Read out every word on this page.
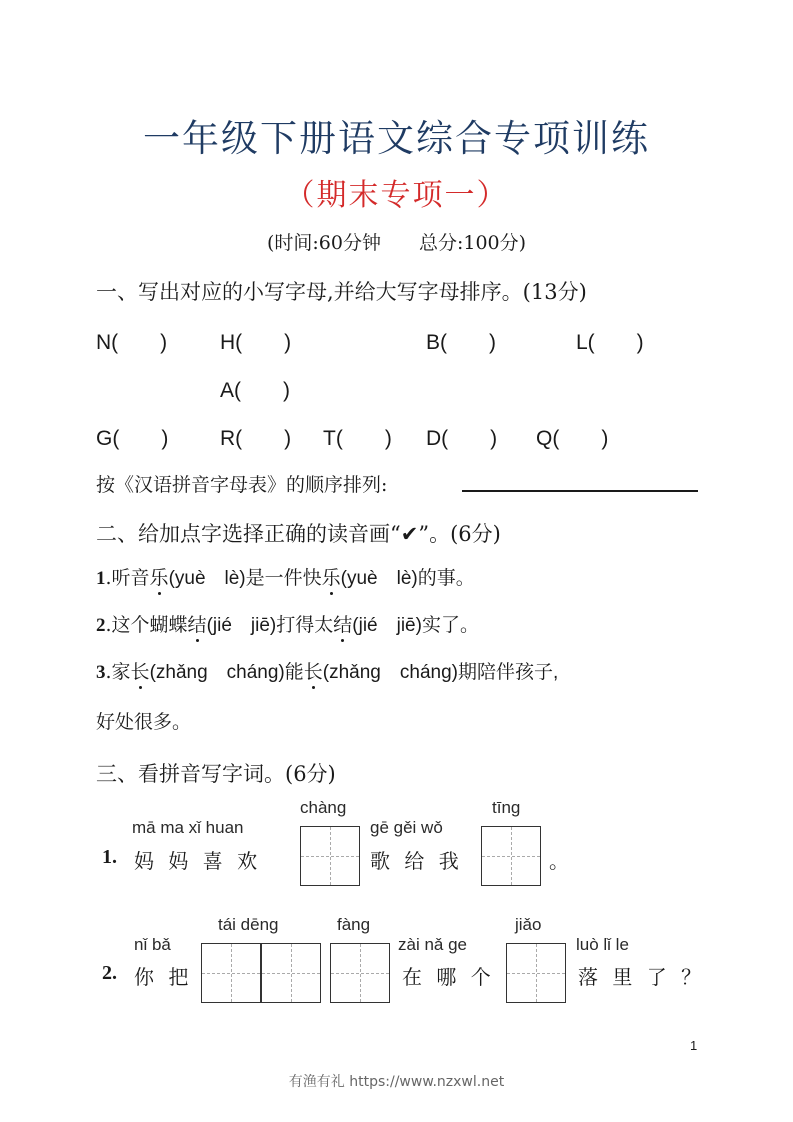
一年级下册语文综合专项训练
（期末专项一）
(时间:60分钟 总分:100分)
一、写出对应的小写字母,并给大写字母排序。(13分)
N(　　)	H(　　)	B(　　)	L(　　)
A(　　)
G(　　) R(　　) T(　　) D(　　) Q(　　)
按《汉语拼音字母表》的顺序排列:
二、给加点字选择正确的读音画“✔”。(6分)
1.听音乐(yuè　lè)是一件快乐(yuè　lè)的事。
2.这个蝴蝶结(jié　jiē)打得太结(jié　jiē)实了。
3.家长(zhǎng　cháng)能长(zhǎng　cháng)期陪伴孩子,
好处很多。
三、看拼音写字词。(6分)
1.
mā ma xǐ huan
妈 妈 喜 欢
chàng
gē gěi wǒ
歌 给 我
tīng
。
2.
nǐ bǎ
你 把
tái dēng	fàng
zài nǎ ge
在 哪 个
jiǎo
luò lǐ le
落 里 了 ？
1
有渔有礼 https://www.nzxwl.net
